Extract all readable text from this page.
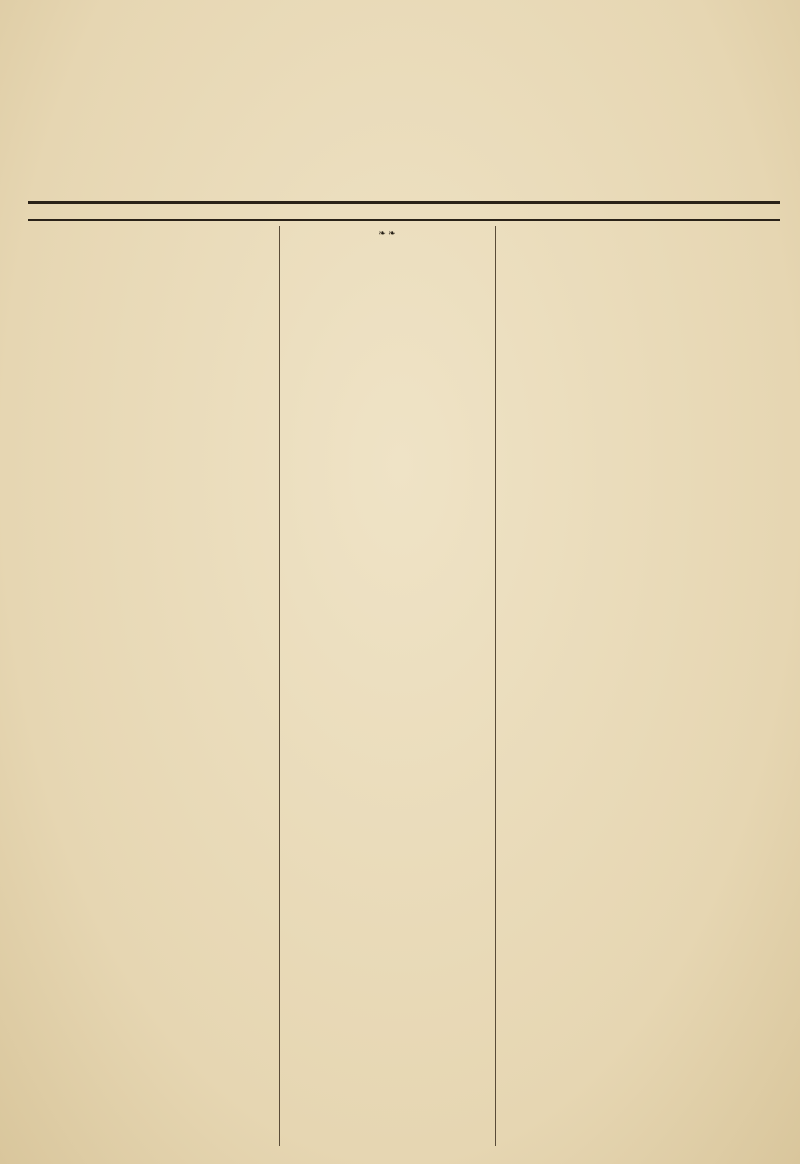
❧ ❧
